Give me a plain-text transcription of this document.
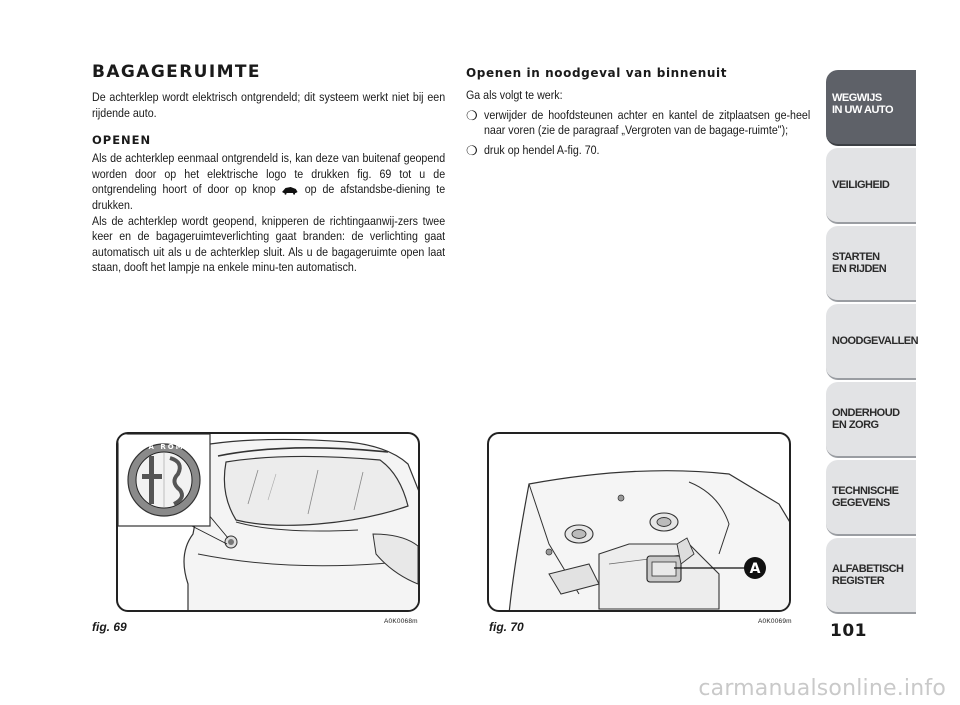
BAGAGERUIMTE

De achterklep wordt elektrisch ontgrendeld; dit systeem werkt niet bij een rijdende auto.

OPENEN

Als de achterklep eenmaal ontgrendeld is, kan deze van buitenaf geopend worden door op het elektrische logo te drukken fig. 69 tot u de ontgrendeling hoort of door op knop op de afstandsbe-diening te drukken.

Als de achterklep wordt geopend, knipperen de richtingaanwij-zers twee keer en de bagageruimteverlichting gaat branden: de verlichting gaat automatisch uit als u de achterklep sluit. Als u de bagageruimte open laat staan, dooft het lampje na enkele minu-ten automatisch.

Openen in noodgeval van binnenuit

Ga als volgt te werk:

❍ verwijder de hoofdsteunen achter en kantel de zitplaatsen ge-heel naar voren (zie de paragraaf „Vergroten van de bagage-ruimte");
❍ druk op hendel A-fig. 70.
ALFA ROMEO
fig. 69	A0K0068m
A
fig. 70	A0K0069m
WEGWIJS
IN UW AUTO
VEILIGHEID
STARTEN
EN RIJDEN
NOODGEVALLEN
ONDERHOUD
EN ZORG
TECHNISCHE
GEGEVENS
ALFABETISCH
REGISTER
101
carmanualsonline.info
